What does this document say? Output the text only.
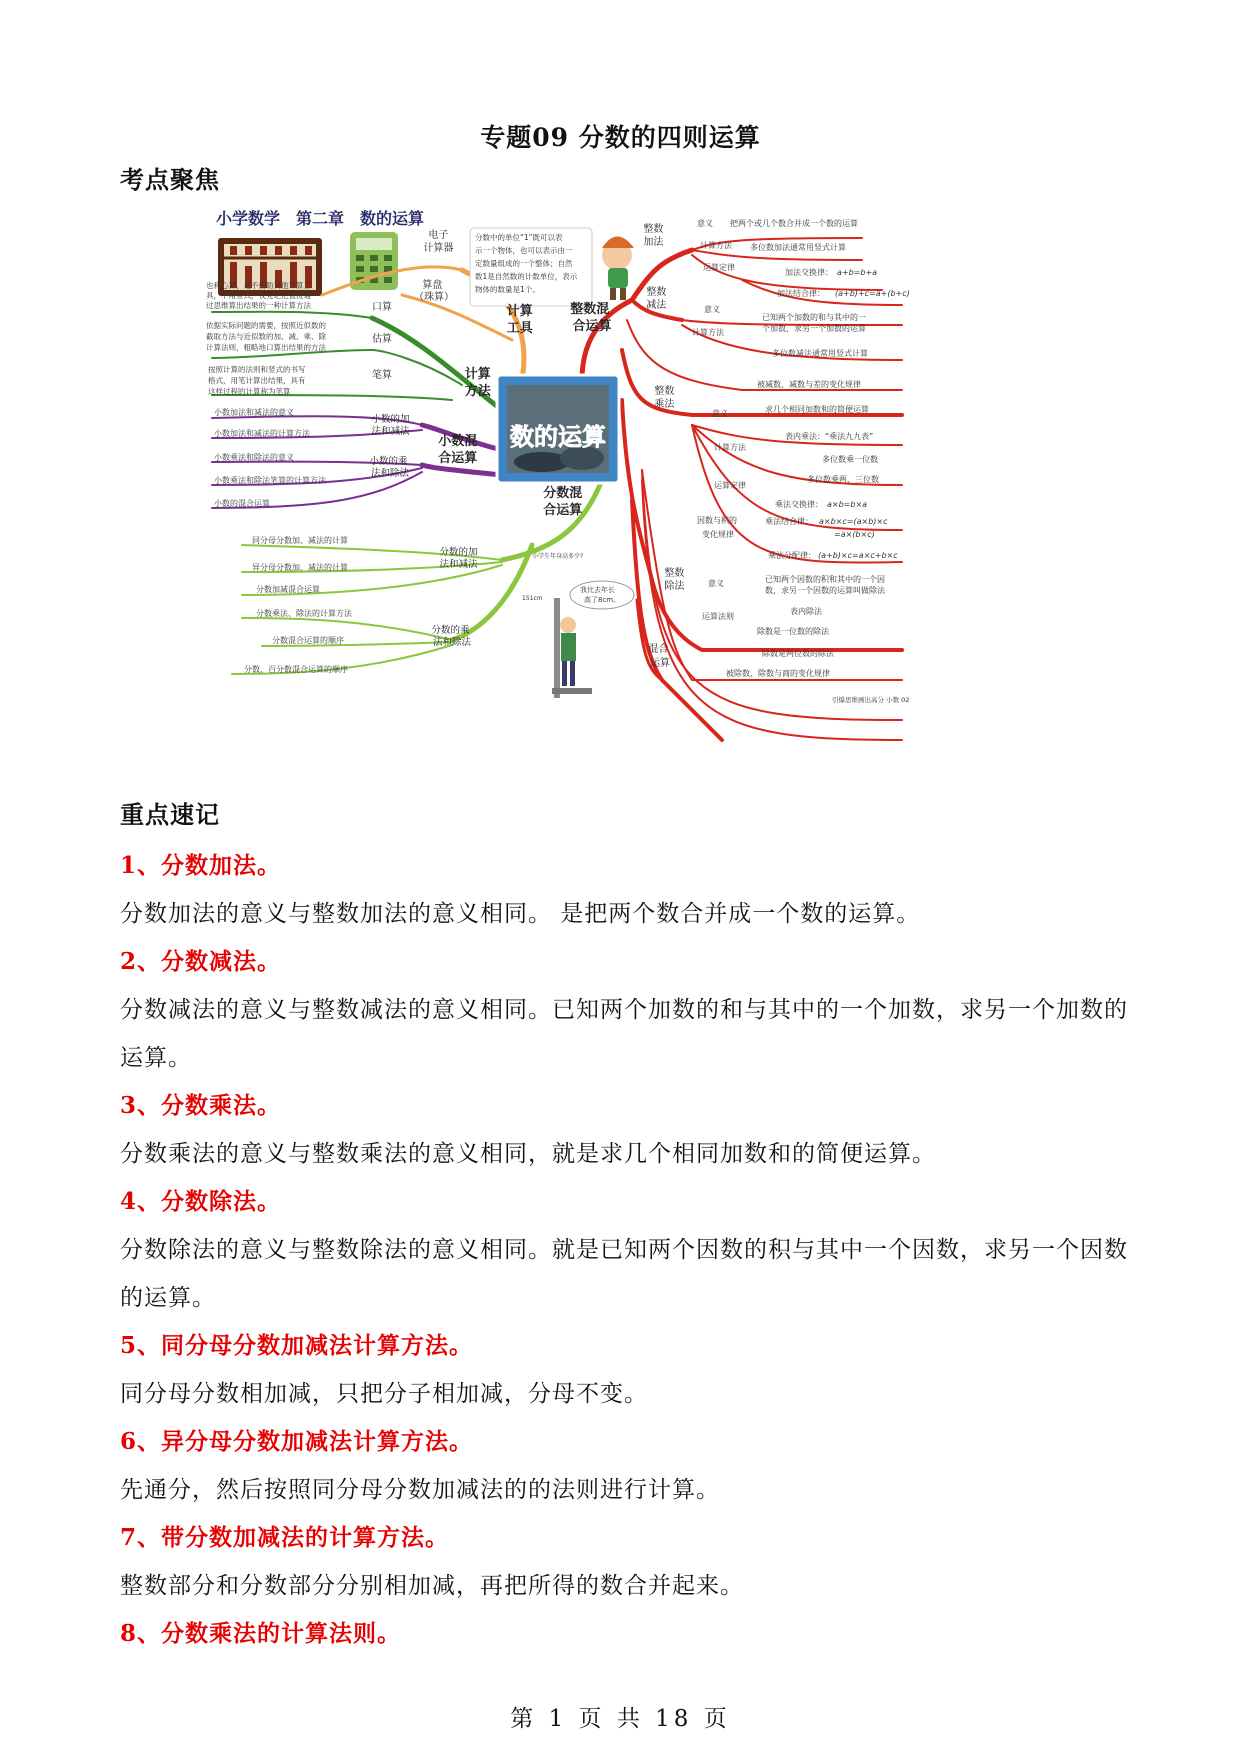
专题09 分数的四则运算
考点聚焦
小学数学　第二章　数的运算
数的运算
分数中的单位“1”既可以表 示一个物体，也可以表示由一 定数量组成的一个整体；自然 数1是自然数的计数单位，表示 物体的数量是1个。
小学生年身高多少?
我比去年长
高了8cm。
151cm
电子 计算器 算盘 （珠算）
计算 工具 计算 方法 小数混 合运算 分数混 合运算 整数混 合运算
口算 估算 笔算
也称心算，是不借助其他计算工 具，不用竖式，仅凭记忆直接通 过思维算出结果的一种计算方法 依据实际问题的需要，按照近似数的 截取方法与近似数的加、减、乘、除 计算法则，粗略地口算出结果的方法 按照计算的法则和竖式的书写 格式，用笔计算出结果，具有 这样过程的计算称为笔算
小数的加 法和减法 小数的乘 法和除法
小数加法和减法的意义 小数加法和减法的计算方法 小数乘法和除法的意义 小数乘法和除法笔算的计算方法 小数的混合运算
分数的加 法和减法 分数的乘 法和除法
同分母分数加、减法的计算 异分母分数加、减法的计算 分数加减混合运算 分数乘法、除法的计算方法 分数混合运算的顺序 分数、百分数混合运算的顺序
整数 加法 整数 减法 整数 乘法 整数 除法 混合 运算
意义 把两个或几个数合并成一个数的运算 计算方法 多位数加法通常用竖式计算 运算定律 加法交换律： a+b=b+a 加法结合律： (a+b)+c=a+(b+c) 意义 已知两个加数的和与其中的一 个加数，求另一个加数的运算 计算方法 多位数减法通常用竖式计算 被减数、减数与差的变化规律 意义	求几个相同加数和的简便运算 计算方法 表内乘法：“乘法九九表” 多位数乘一位数 多位数乘两、三位数 运算定律 乘法交换律： a×b=b×a 因数与积的 变化规律 乘法结合律： a×b×c=(a×b)×c =a×(b×c) 乘法分配律： (a+b)×c=a×c+b×c 意义	已知两个因数的积和其中的一个因 数，求另一个因数的运算叫做除法 运算法则 表内除法 除数是一位数的除法 除数是两位数的除法 被除数、除数与商的变化规律
引爆思维画出高分 小数 02
重点速记
1、分数加法。
分数加法的意义与整数加法的意义相同。 是把两个数合并成一个数的运算。
2、分数减法。
分数减法的意义与整数减法的意义相同。已知两个加数的和与其中的一个加数，求另一个加数的运算。
3、分数乘法。
分数乘法的意义与整数乘法的意义相同，就是求几个相同加数和的简便运算。
4、分数除法。
分数除法的意义与整数除法的意义相同。就是已知两个因数的积与其中一个因数，求另一个因数的运算。
5、同分母分数加减法计算方法。
同分母分数相加减，只把分子相加减，分母不变。
6、异分母分数加减法计算方法。
先通分，然后按照同分母分数加减法的的法则进行计算。
7、带分数加减法的计算方法。
整数部分和分数部分分别相加减，再把所得的数合并起来。
8、分数乘法的计算法则。
第 1 页 共 18 页
